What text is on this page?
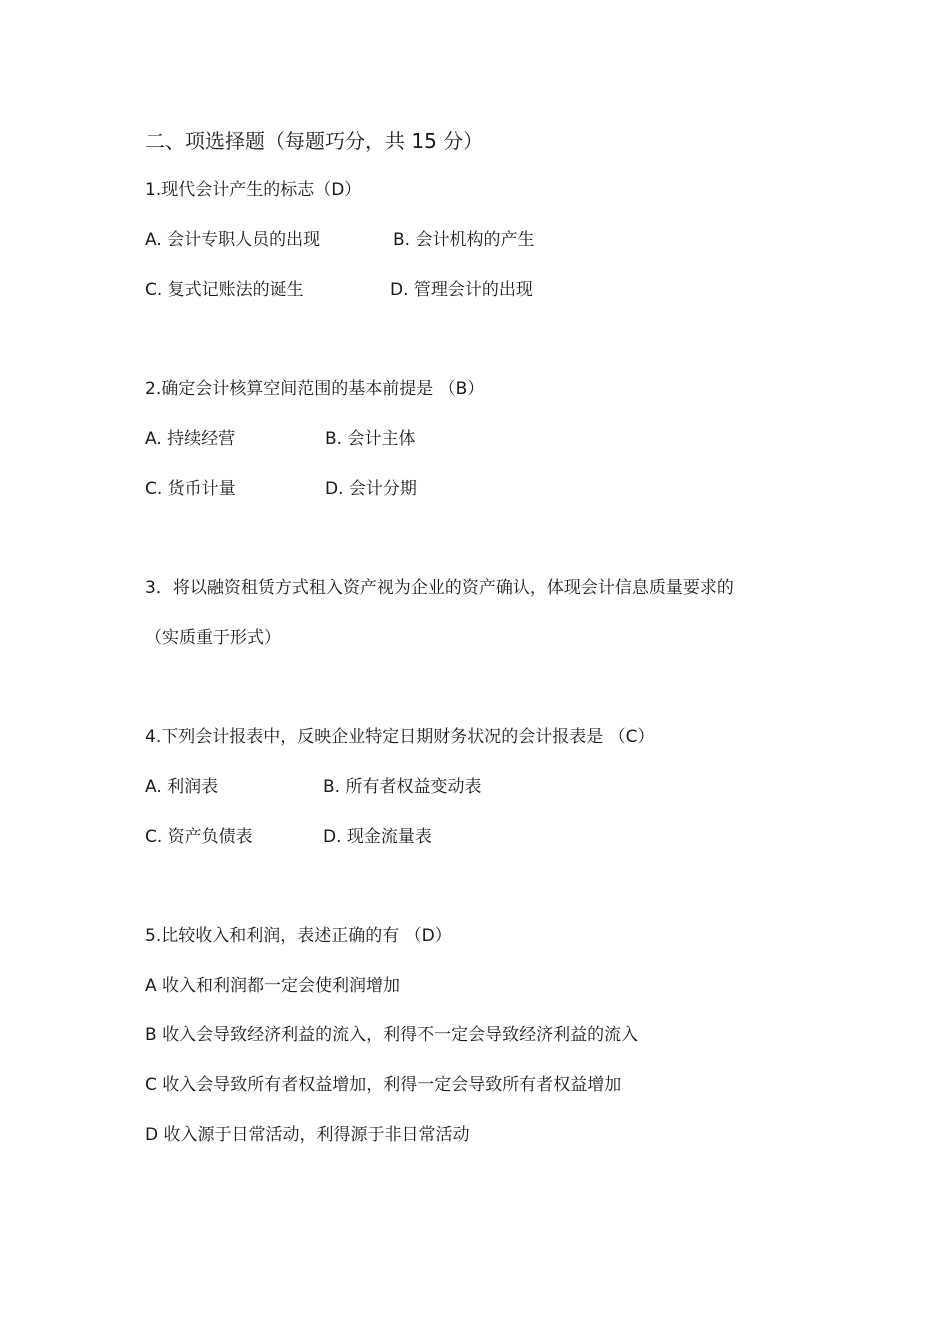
二、项选择题（每题巧分，共 15 分）
1.现代会计产生的标志（D）
A. 会计专职人员的出现	B. 会计机构的产生
C. 复式记账法的诞生	D. 管理会计的出现
2.确定会计核算空间范围的基本前提是 （B）
A. 持续经营	B. 会计主体
C. 货币计量	D. 会计分期
3．将以融资租赁方式租入资产视为企业的资产确认，体现会计信息质量要求的
（实质重于形式）
4.下列会计报表中，反映企业特定日期财务状况的会计报表是 （C）
A. 利润表	B. 所有者权益变动表
C. 资产负债表	D. 现金流量表
5.比较收入和利润，表述正确的有 （D）
A 收入和利润都一定会使利润增加
B 收入会导致经济利益的流入，利得不一定会导致经济利益的流入
C 收入会导致所有者权益增加，利得一定会导致所有者权益增加
D 收入源于日常活动，利得源于非日常活动
